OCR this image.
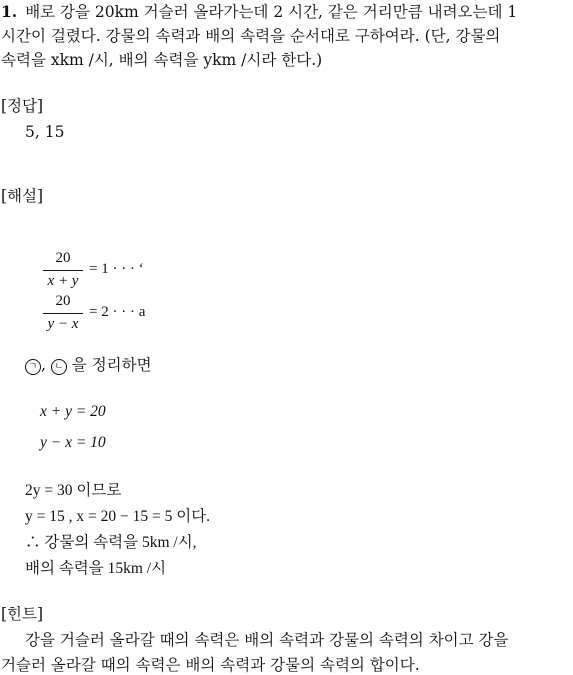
1. 배로 강을 20km 거슬러 올라가는데 2 시간, 같은 거리만큼 내려오는데 1
시간이 걸렸다. 강물의 속력과 배의 속력을 순서대로 구하여라. (단, 강물의
속력을 xkm /시, 배의 속력을 ykm /시라 한다.)
[정답]
5, 15
[해설]
20
x + y
= 1 · · · ‘
20
y − x
= 2 · · · a
ㄱ , ㄴ 을 정리하면
x + y = 20
y − x = 10
2y = 30 이므로
y = 15 , x = 20 − 15 = 5 이다.
∴ 강물의 속력을 5km /시,
배의 속력을 15km /시
[힌트]
강을 거슬러 올라갈 때의 속력은 배의 속력과 강물의 속력의 차이고 강을
거슬러 올라갈 때의 속력은 배의 속력과 강물의 속력의 합이다.
